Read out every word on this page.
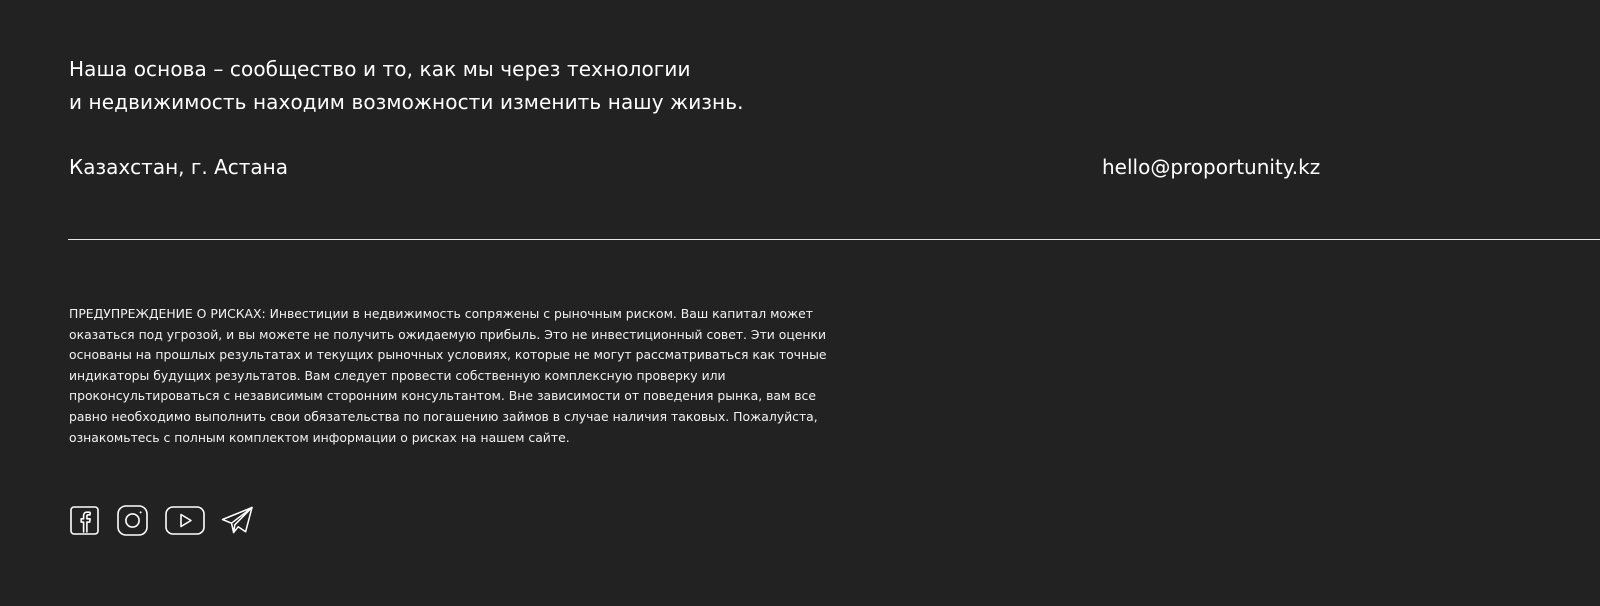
Наша основа – сообщество и то, как мы через технологии
и недвижимость находим возможности изменить нашу жизнь.
Казахстан, г. Астана	hello@proportunity.kz

ПРЕДУПРЕЖДЕНИЕ О РИСКАХ: Инвестиции в недвижимость сопряжены с рыночным риском. Ваш капитал может оказаться под угрозой, и вы можете не получить ожидаемую прибыль. Это не инвестиционный совет. Эти оценки основаны на прошлых результатах и текущих рыночных условиях, которые не могут рассматриваться как точные индикаторы будущих результатов. Вам следует провести собственную комплексную проверку или проконсультироваться с независимым сторонним консультантом. Вне зависимости от поведения рынка, вам все равно необходимо выполнить свои обязательства по погашению займов в случае наличия таковых. Пожалуйста, ознакомьтесь с полным комплектом информации о рисках на нашем сайте.
